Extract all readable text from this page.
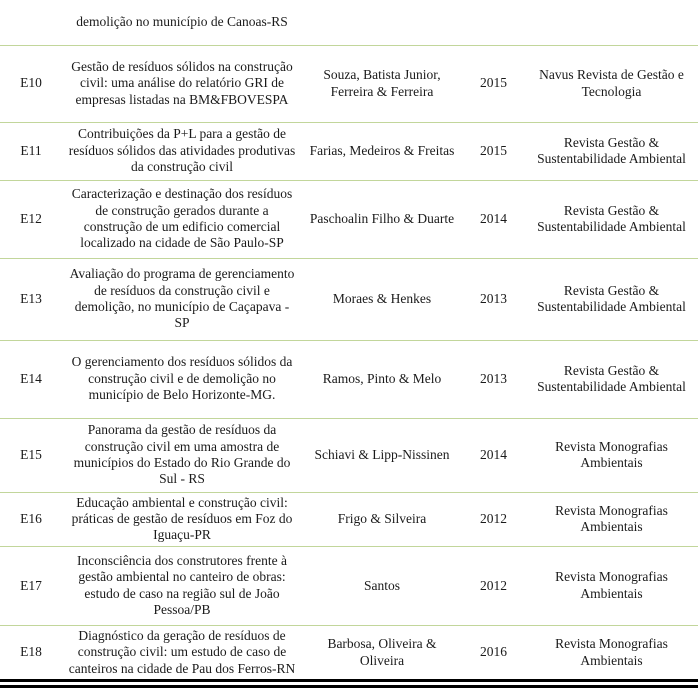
	demolição no município de Canoas-RS			
E10	Gestão de resíduos sólidos na construção civil: uma análise do relatório GRI de empresas listadas na BM&FBOVESPA	Souza, Batista Junior, Ferreira & Ferreira	2015	Navus Revista de Gestão e Tecnologia
E11	Contribuições da P+L para a gestão de resíduos sólidos das atividades produtivas da construção civil	Farias, Medeiros & Freitas	2015	Revista Gestão & Sustentabilidade Ambiental
E12	Caracterização e destinação dos resíduos de construção gerados durante a construção de um edificio comercial localizado na cidade de São Paulo-SP	Paschoalin Filho & Duarte	2014	Revista Gestão & Sustentabilidade Ambiental
E13	Avaliação do programa de gerenciamento de resíduos da construção civil e demolição, no município de Caçapava - SP	Moraes & Henkes	2013	Revista Gestão & Sustentabilidade Ambiental
E14	O gerenciamento dos resíduos sólidos da construção civil e de demolição no município de Belo Horizonte-MG.	Ramos, Pinto & Melo	2013	Revista Gestão & Sustentabilidade Ambiental
E15	Panorama da gestão de resíduos da construção civil em uma amostra de municípios do Estado do Rio Grande do Sul - RS	Schiavi & Lipp-Nissinen	2014	Revista Monografias Ambientais
E16	Educação ambiental e construção civil: práticas de gestão de resíduos em Foz do Iguaçu-PR	Frigo & Silveira	2012	Revista Monografias Ambientais
E17	Inconsciência dos construtores frente à gestão ambiental no canteiro de obras: estudo de caso na região sul de João Pessoa/PB	Santos	2012	Revista Monografias Ambientais
E18	Diagnóstico da geração de resíduos de construção civil: um estudo de caso de canteiros na cidade de Pau dos Ferros-RN	Barbosa, Oliveira & Oliveira	2016	Revista Monografias Ambientais
